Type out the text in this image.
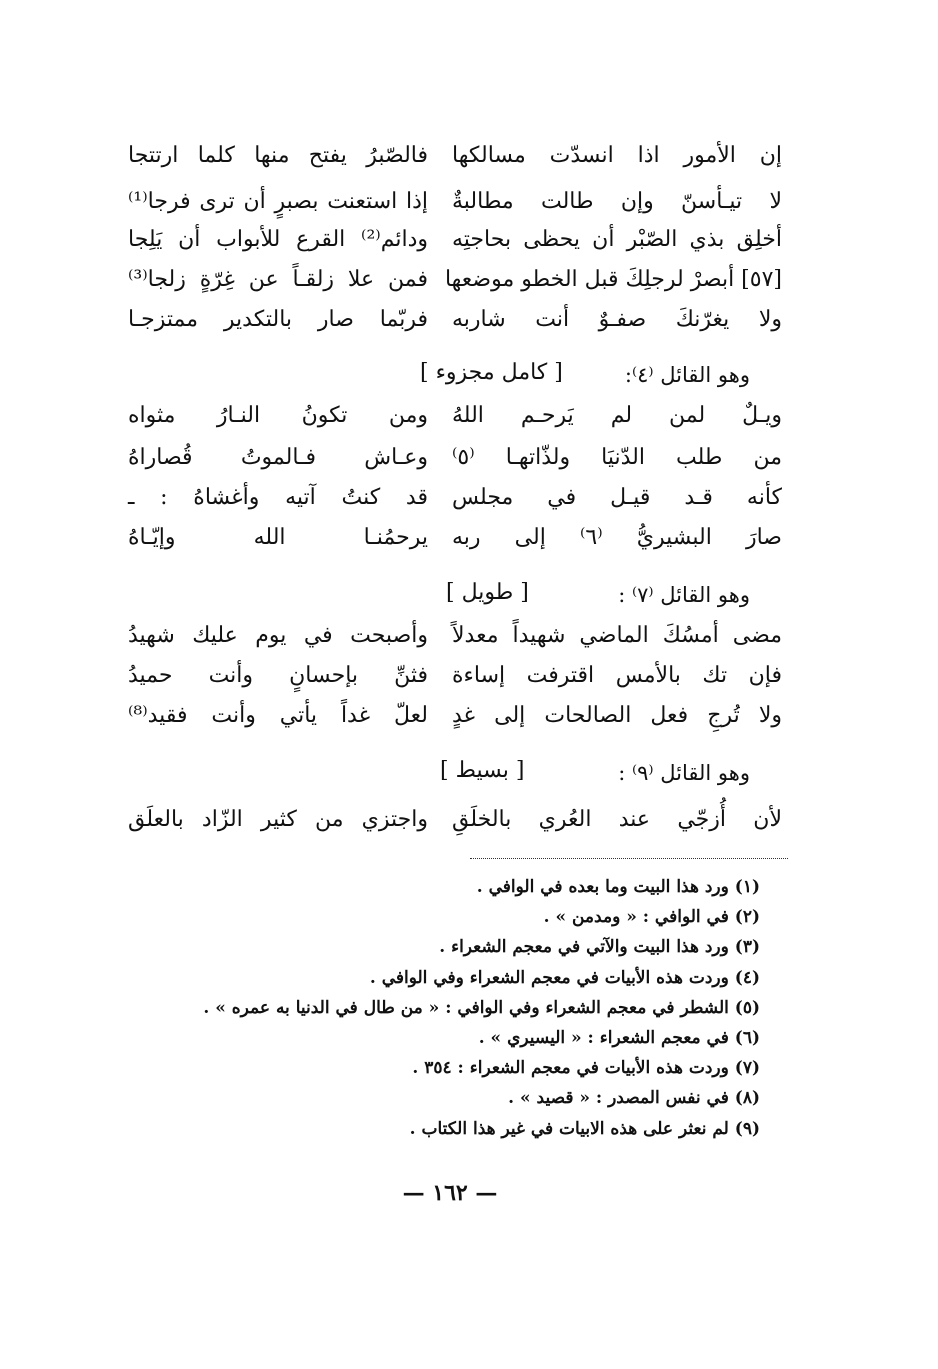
إن الأمور اذا انسدّت مسالكها
فالصّبرُ يفتح منها كلما ارتتجا
لا تيـأسنّ وإن طالت مطالبةٌ
إذا استعنت بصبرٍ أن ترى فرجا⁽¹⁾
أخلِق بذي الصّبْر أن يحظى بحاجتِه
ودائم⁽²⁾ القرع للأبواب أن يَلِجا
[٥٧] أبصرْ لرجلِكَ قبل الخطو موضعها
فمن علا زلقـاً عن غِرّةٍ زلجا⁽³⁾
ولا يغرّنكَ صفـوٌ أنت شاربه
فربّما صار بالتكدير ممتزجـا
وهو القائل ⁽٤⁾:
[ كامل مجزوء ]
ويـلٌ لمن لم يَرحـم اللهُ
ومن تكونُ النـارُ مثواه
من طلب الدّنيَا ولذّاتهـا ⁽٥⁾
وعـاش فـالموتُ قُصاراهُ
كأنه قـد قيـل في مجلس
قد كنتُ آتيه وأغشاهُ : ـ
صارَ البشيريُّ ⁽٦⁾ إلى ربه
يرحمُنـا الله وإيّـاهُ
وهو القائل ⁽٧⁾ :
[ طويل ]
مضى أمسُكَ الماضي شهيداً معدلاً
وأصبحت في يوم عليك شهيدُ
فإن تك بالأمس اقترفت إساءة
فثنِّ بإحسانٍ وأنت حميدُ
ولا تُرجِ فعل الصالحات إلى غدٍ
لعلّ غداً يأتي وأنت فقيد⁽⁸⁾
وهو القائل ⁽٩⁾ :
[ بسيط ]
لأن أُزجّي عند العُري بالخلَقِ
واجتزي من كثير الزّاد بالعلَق
(١) ورد هذا البيت وما بعده في الوافي .
(٢) في الوافي : « ومدمن » .
(٣) ورد هذا البيت والآتي في معجم الشعراء .
(٤) وردت هذه الأبيات في معجم الشعراء وفي الوافي .
(٥) الشطر في معجم الشعراء وفي الوافي : « من طال في الدنيا به عمره » .
(٦) في معجم الشعراء : « اليسيري » .
(٧) وردت هذه الأبيات في معجم الشعراء : ٣٥٤ .
(٨) في نفس المصدر : « قصيد » .
(٩) لم نعثر على هذه الابيات في غير هذا الكتاب .
— ١٦٢ —
